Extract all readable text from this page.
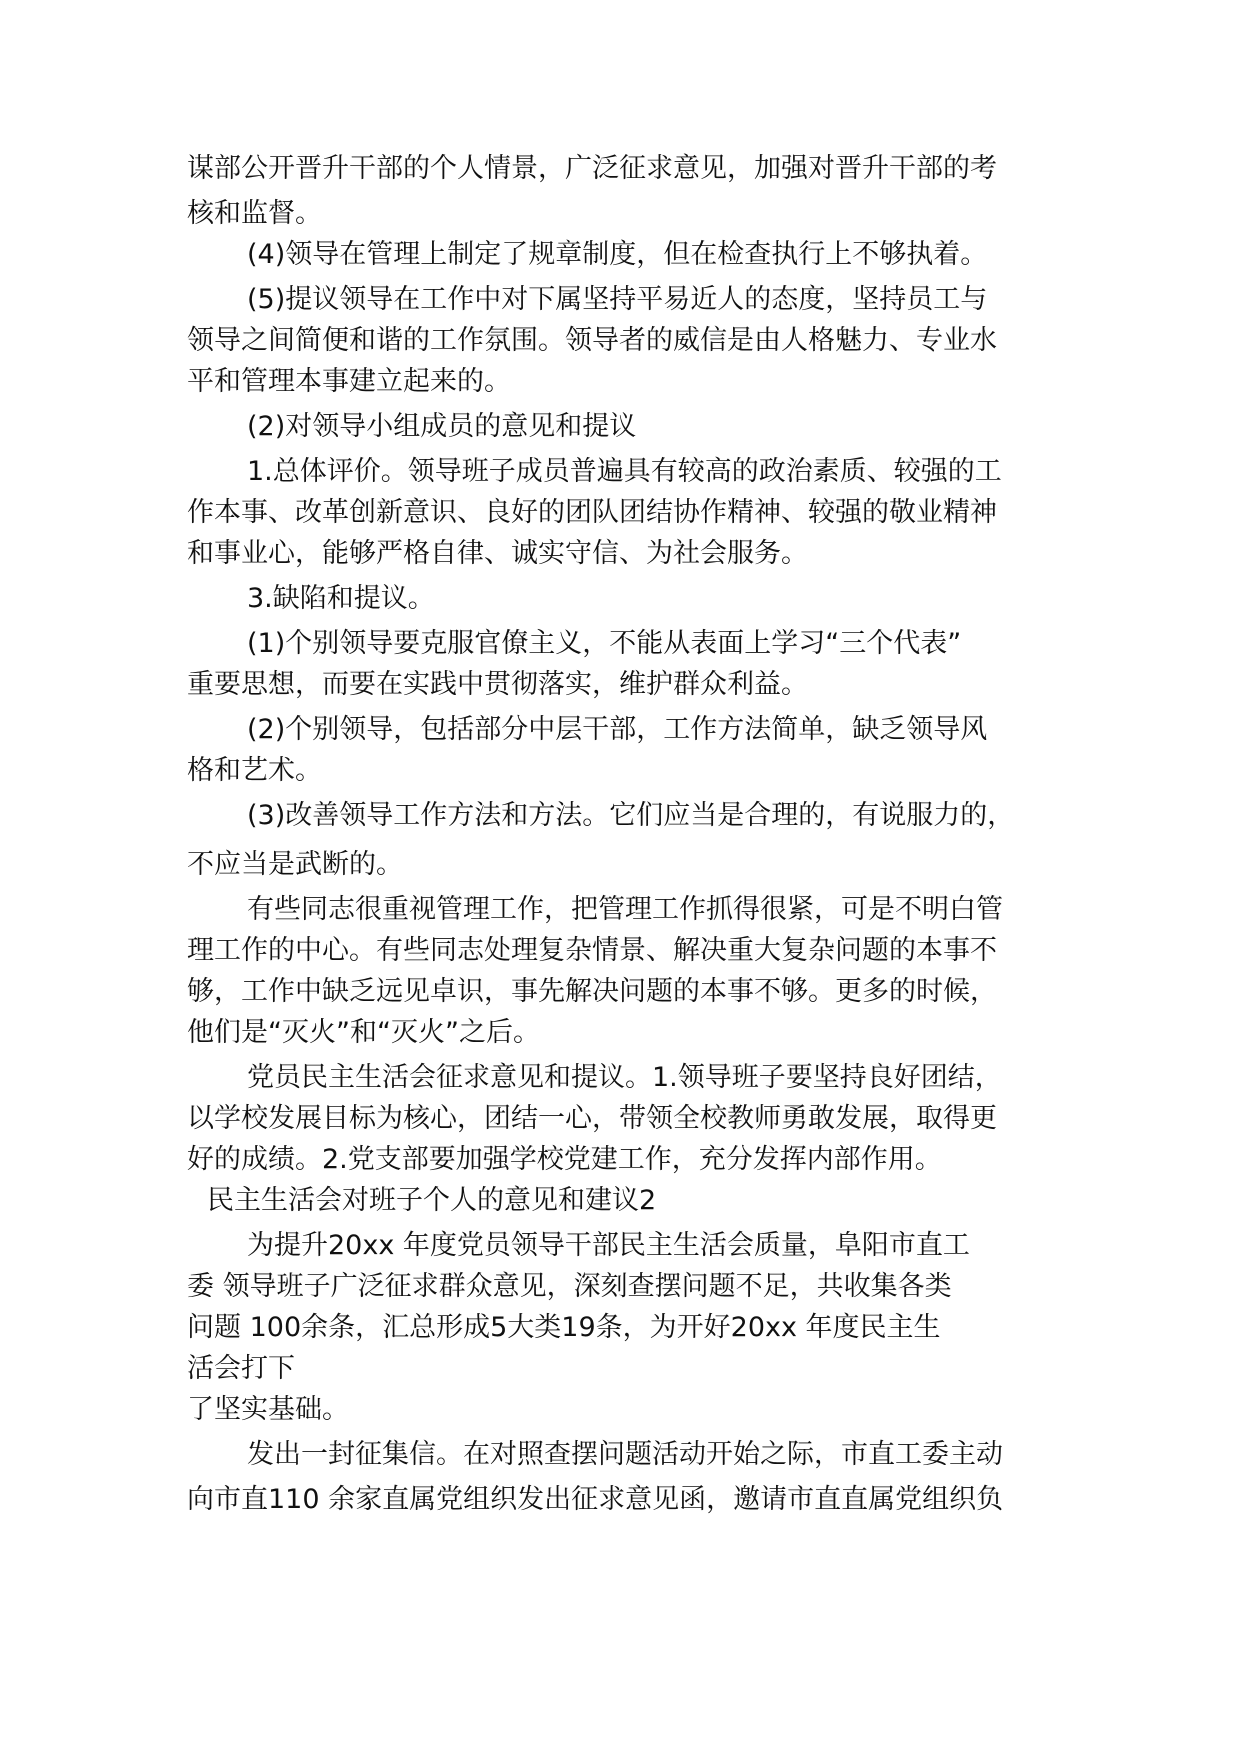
谋部公开晋升干部的个人情景，广泛征求意见，加强对晋升干部的考
核和监督。
(4)领导在管理上制定了规章制度，但在检查执行上不够执着。
(5)提议领导在工作中对下属坚持平易近人的态度，坚持员工与
领导之间简便和谐的工作氛围。领导者的威信是由人格魅力、专业水
平和管理本事建立起来的。
(2)对领导小组成员的意见和提议
1.总体评价。领导班子成员普遍具有较高的政治素质、较强的工
作本事、改革创新意识、良好的团队团结协作精神、较强的敬业精神
和事业心，能够严格自律、诚实守信、为社会服务。
3.缺陷和提议。
(1)个别领导要克服官僚主义，不能从表面上学习“三个代表”
重要思想，而要在实践中贯彻落实，维护群众利益。
(2)个别领导，包括部分中层干部，工作方法简单，缺乏领导风
格和艺术。
(3)改善领导工作方法和方法。它们应当是合理的，有说服力的，
不应当是武断的。
有些同志很重视管理工作，把管理工作抓得很紧，可是不明白管
理工作的中心。有些同志处理复杂情景、解决重大复杂问题的本事不
够，工作中缺乏远见卓识，事先解决问题的本事不够。更多的时候，
他们是“灭火”和“灭火”之后。
党员民主生活会征求意见和提议。1.领导班子要坚持良好团结，
以学校发展目标为核心，团结一心，带领全校教师勇敢发展，取得更
好的成绩。2.党支部要加强学校党建工作，充分发挥内部作用。
民主生活会对班子个人的意见和建议2
为提升20xx 年度党员领导干部民主生活会质量，阜阳市直工
委 领导班子广泛征求群众意见，深刻查摆问题不足，共收集各类
问题 100余条，汇总形成5大类19条，为开好20xx 年度民主生
活会打下
了坚实基础。
发出一封征集信。在对照查摆问题活动开始之际，市直工委主动
向市直110 余家直属党组织发出征求意见函，邀请市直直属党组织负
